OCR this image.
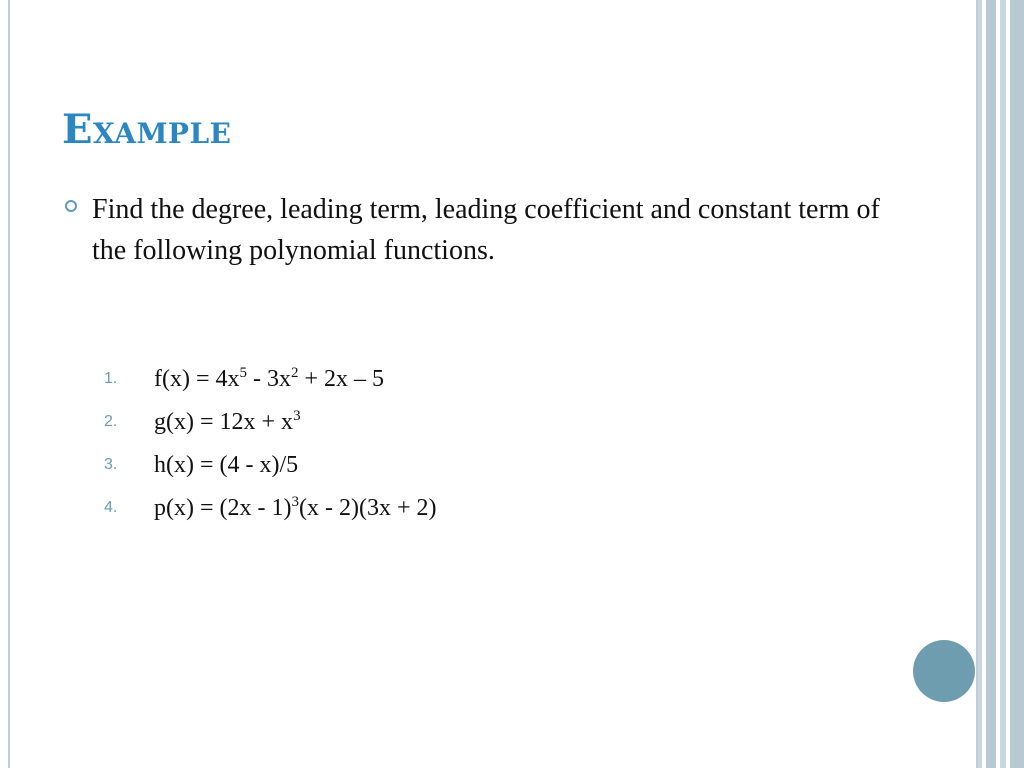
Example
Find the degree, leading term, leading coefficient and constant term of the following polynomial functions.
1. $f(x) = 4x^5 - 3x^2 + 2x - 5$
2. $g(x) = 12x + x^3$
3. h(x) = (4 - x)/5
4. p(x) = (2x - 1)$^3$(x - 2)(3x + 2)
